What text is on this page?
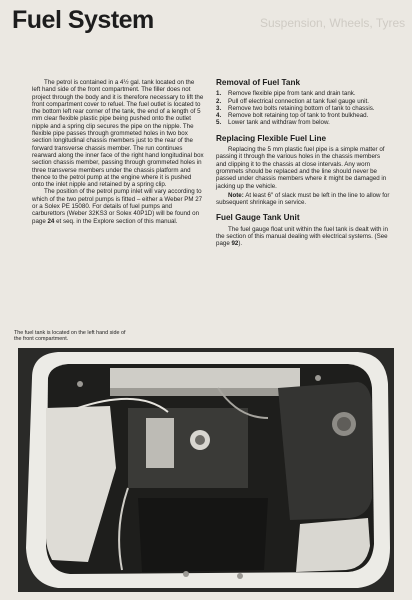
Fuel System	Suspension, Wheels, Tyres

The petrol is contained in a 4½ gal. tank located on the left hand side of the front compartment. The filler does not project through the body and it is therefore necessary to lift the front compartment cover to refuel. The fuel outlet is located to the bottom left rear corner of the tank, the end of a length of 5 mm clear flexible plastic pipe being pushed onto the outlet nipple and a spring clip secures the pipe on the nipple. The flexible pipe passes through grommeted holes in two box section longitudinal chassis members just to the rear of the forward transverse chassis member. The run continues rearward along the inner face of the right hand longitudinal box section chassis member, passing through grommeted holes in three transverse members under the chassis platform and thence to the petrol pump at the engine where it is pushed onto the inlet nipple and retained by a spring clip.

The position of the petrol pump inlet will vary according to which of the two petrol pumps is fitted – either a Weber PM 27 or a Solex PE 15080. For details of fuel pumps and carburettors (Weber 32KS3 or Solex 40P1D) will be found on page 24 et seq. in the Explore section of this manual.

Removal of Fuel Tank
1.	Remove flexible pipe from tank and drain tank.
2.	Pull off electrical connection at tank fuel gauge unit.
3.	Remove two bolts retaining bottom of tank to chassis.
4.	Remove bolt retaining top of tank to front bulkhead.
5.	Lower tank and withdraw from below.
Replacing Flexible Fuel Line

Replacing the 5 mm plastic fuel pipe is a simple matter of passing it through the various holes in the chassis members and clipping it to the chassis at close intervals. Any worn grommets should be replaced and the line should never be passed under chassis members where it might be damaged in jacking up the vehicle.

Note: At least 6″ of slack must be left in the line to allow for subsequent shrinkage in service.

Fuel Gauge Tank Unit

The fuel gauge float unit within the fuel tank is dealt with in the section of this manual dealing with electrical systems. (See page 92).

The fuel tank is located on the left hand side of the front compartment.
